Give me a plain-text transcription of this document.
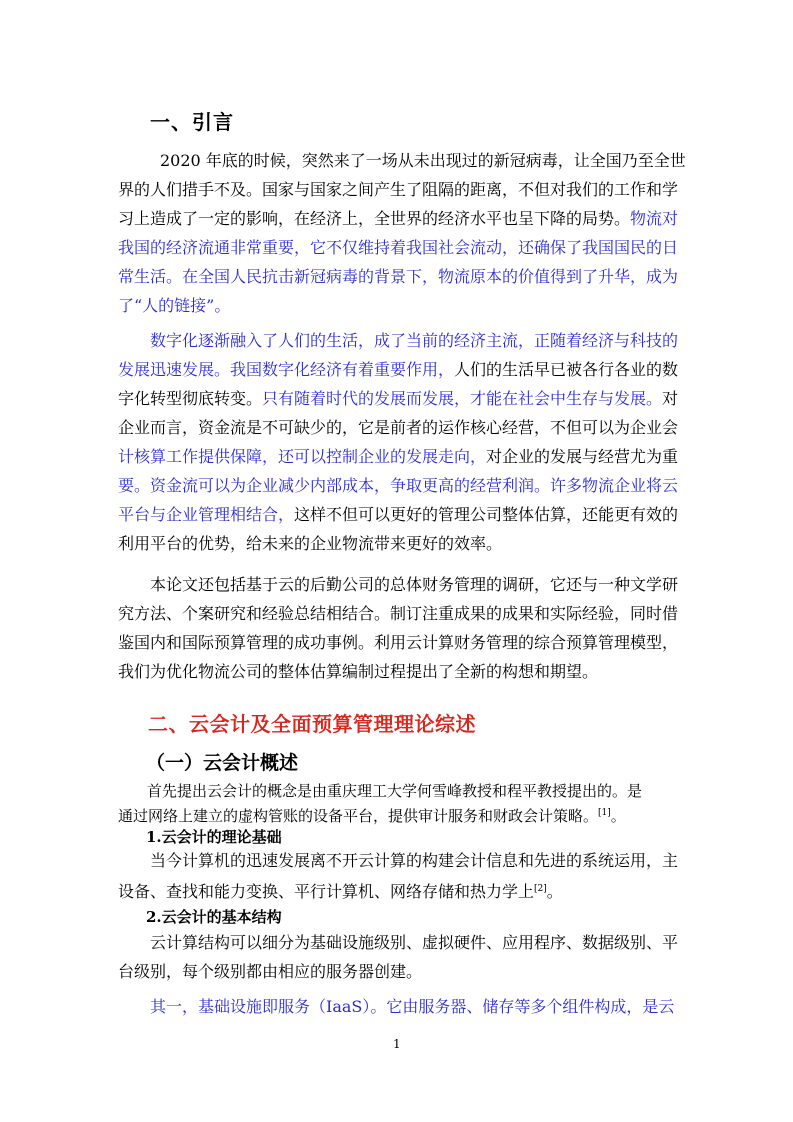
一、引言
2020 年底的时候，突然来了一场从未出现过的新冠病毒，让全国乃至全世
界的人们措手不及。国家与国家之间产生了阻隔的距离，不但对我们的工作和学
习上造成了一定的影响，在经济上，全世界的经济水平也呈下降的局势。物流对
我国的经济流通非常重要，它不仅维持着我国社会流动，还确保了我国国民的日
常生活。在全国人民抗击新冠病毒的背景下，物流原本的价值得到了升华，成为
了“人的链接”。
数字化逐渐融入了人们的生活，成了当前的经济主流，正随着经济与科技的
发展迅速发展。我国数字化经济有着重要作用，人们的生活早已被各行各业的数
字化转型彻底转变。只有随着时代的发展而发展，才能在社会中生存与发展。对
企业而言，资金流是不可缺少的，它是前者的运作核心经营，不但可以为企业会
计核算工作提供保障，还可以控制企业的发展走向，对企业的发展与经营尤为重
要。资金流可以为企业减少内部成本，争取更高的经营利润。许多物流企业将云
平台与企业管理相结合，这样不但可以更好的管理公司整体估算，还能更有效的
利用平台的优势，给未来的企业物流带来更好的效率。
本论文还包括基于云的后勤公司的总体财务管理的调研，它还与一种文学研
究方法、个案研究和经验总结相结合。制订注重成果的成果和实际经验，同时借
鉴国内和国际预算管理的成功事例。利用云计算财务管理的综合预算管理模型，
我们为优化物流公司的整体估算编制过程提出了全新的构想和期望。
二、云会计及全面预算管理理论综述
（一）云会计概述
首先提出云会计的概念是由重庆理工大学何雪峰教授和程平教授提出的。是
通过网络上建立的虚构管账的设备平台，提供审计服务和财政会计策略。[1]。
1.云会计的理论基础
当今计算机的迅速发展离不开云计算的构建会计信息和先进的系统运用，主
设备、查找和能力变换、平行计算机、网络存储和热力学上[2]。
2.云会计的基本结构
云计算结构可以细分为基础设施级别、虚拟硬件、应用程序、数据级别、平
台级别，每个级别都由相应的服务器创建。
其一，基础设施即服务（IaaS）。它由服务器、储存等多个组件构成，是云
1
